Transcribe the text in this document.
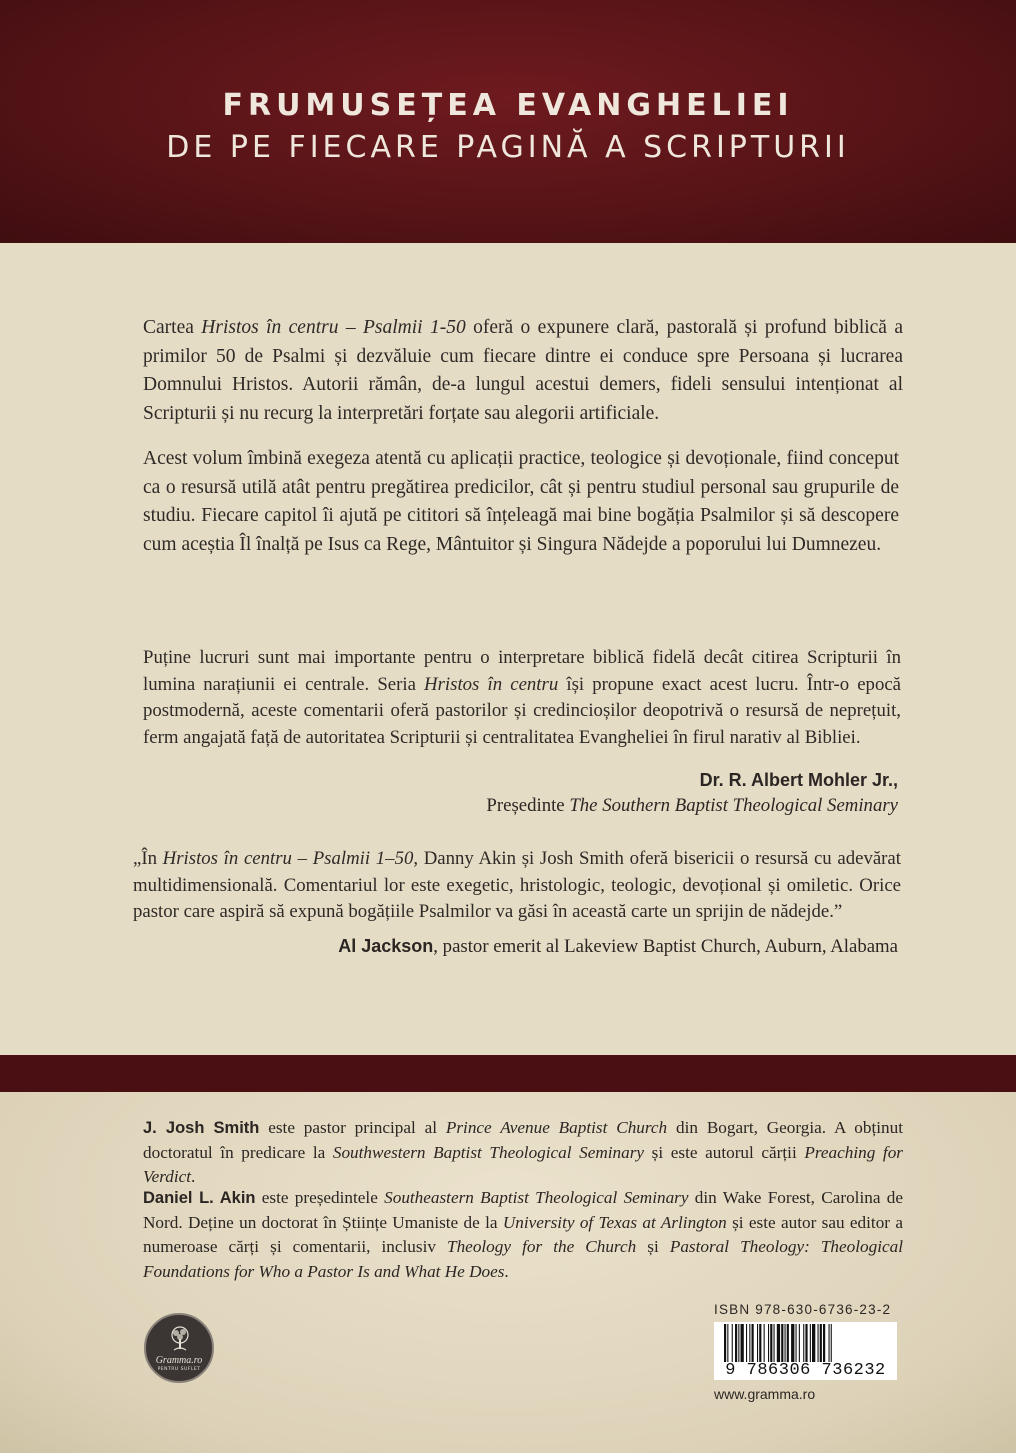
FRUMUSEȚEA EVANGHELIEI
DE PE FIECARE PAGINĂ A SCRIPTURII

Cartea Hristos în centru – Psalmii 1-50 oferă o expunere clară, pastorală și profund biblică a primilor 50 de Psalmi și dezvăluie cum fiecare dintre ei conduce spre Persoana și lucrarea Domnului Hristos. Autorii rămân, de-a lungul acestui demers, fideli sensului intenționat al Scripturii și nu recurg la interpretări forțate sau alegorii artificiale.

Acest volum îmbină exegeza atentă cu aplicații practice, teologice și devoționale, fiind conceput ca o resursă utilă atât pentru pregătirea predicilor, cât și pentru studiul personal sau grupurile de studiu. Fiecare capitol îi ajută pe cititori să înțeleagă mai bine bogăția Psalmilor și să descopere cum aceștia Îl înalță pe Isus ca Rege, Mântuitor și Singura Nădejde a poporului lui Dumnezeu.

Puține lucruri sunt mai importante pentru o interpretare biblică fidelă decât citirea Scripturii în lumina narațiunii ei centrale. Seria Hristos în centru își propune exact acest lucru. Într-o epocă postmodernă, aceste comentarii oferă pastorilor și credincioșilor deopotrivă o resursă de neprețuit, ferm angajată față de autoritatea Scripturii și centralitatea Evangheliei în firul narativ al Bibliei.

Dr. R. Albert Mohler Jr.,
Președinte The Southern Baptist Theological Seminary

„În Hristos în centru – Psalmii 1–50, Danny Akin și Josh Smith oferă bisericii o resursă cu adevărat multidimensională. Comentariul lor este exegetic, hristologic, teologic, devoțional și omiletic. Orice pastor care aspiră să expună bogățiile Psalmilor va găsi în această carte un sprijin de nădejde.”

Al Jackson, pastor emerit al Lakeview Baptist Church, Auburn, Alabama

J. Josh Smith este pastor principal al Prince Avenue Baptist Church din Bogart, Georgia. A obținut doctoratul în predicare la Southwestern Baptist Theological Seminary și este autorul cărții Preaching for Verdict.

Daniel L. Akin este președintele Southeastern Baptist Theological Seminary din Wake Forest, Carolina de Nord. Deține un doctorat în Științe Umaniste de la University of Texas at Arlington și este autor sau editor a numeroase cărți și comentarii, inclusiv Theology for the Church și Pastoral Theology: Theological Foundations for Who a Pastor Is and What He Does.

Gramma.ro
PENTRU SUFLET
ISBN 978-630-6736-23-2
9 786306 736232
www.gramma.ro
